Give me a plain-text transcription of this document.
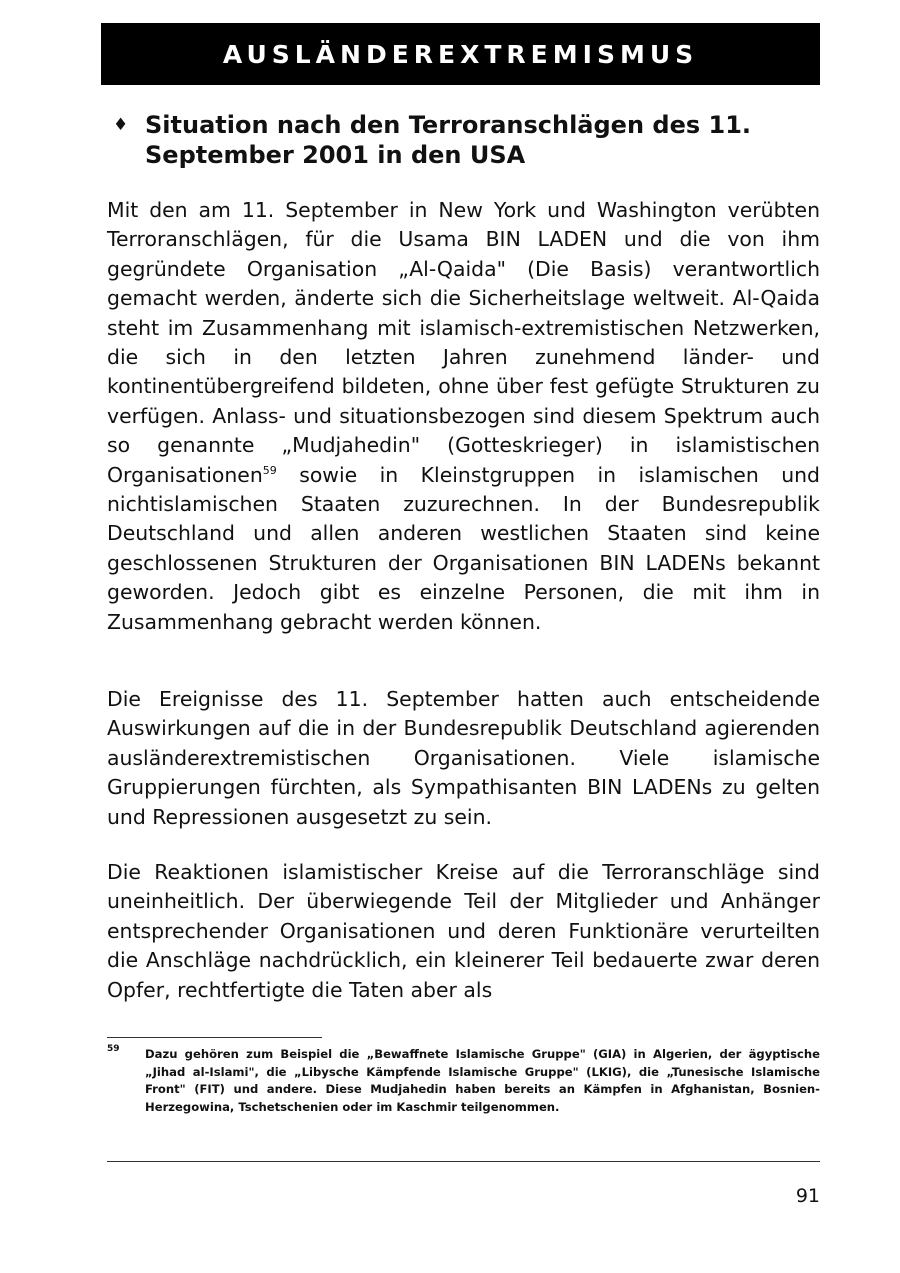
AUSLÄNDEREXTREMISMUS
♦ Situation nach den Terroranschlägen des 11. September 2001 in den USA

Mit den am 11. September in New York und Washington verübten Terroranschlägen, für die Usama BIN LADEN und die von ihm gegründete Organisation „Al-Qaida" (Die Basis) verantwortlich gemacht werden, änderte sich die Sicherheitslage weltweit. Al-Qaida steht im Zusammenhang mit islamisch-extremistischen Netzwerken, die sich in den letzten Jahren zunehmend länder- und kontinentübergreifend bildeten, ohne über fest gefügte Strukturen zu verfügen. Anlass- und situationsbezogen sind diesem Spektrum auch so genannte „Mudjahedin" (Gotteskrieger) in islamistischen Organisationen$^{59}$ sowie in Kleinstgruppen in islamischen und nichtislamischen Staaten zuzurechnen. In der Bundesrepublik Deutschland und allen anderen westlichen Staaten sind keine geschlossenen Strukturen der Organisationen BIN LADENs bekannt geworden. Jedoch gibt es einzelne Personen, die mit ihm in Zusammenhang gebracht werden können.

Die Ereignisse des 11. September hatten auch entscheidende Auswirkungen auf die in der Bundesrepublik Deutschland agierenden ausländerextremistischen Organisationen. Viele islamische Gruppierungen fürchten, als Sympathisanten BIN LADENs zu gelten und Repressionen ausgesetzt zu sein.

Die Reaktionen islamistischer Kreise auf die Terroranschläge sind uneinheitlich. Der überwiegende Teil der Mitglieder und Anhänger entsprechender Organisationen und deren Funktionäre verurteilten die Anschläge nachdrücklich, ein kleinerer Teil bedauerte zwar deren Opfer, rechtfertigte die Taten aber als

59 Dazu gehören zum Beispiel die „Bewaffnete Islamische Gruppe" (GIA) in Algerien, der ägyptische „Jihad al-Islami", die „Libysche Kämpfende Islamische Gruppe" (LKIG), die „Tunesische Islamische Front" (FIT) und andere. Diese Mudjahedin haben bereits an Kämpfen in Afghanistan, Bosnien-Herzegowina, Tschetschenien oder im Kaschmir teilgenommen.

91
